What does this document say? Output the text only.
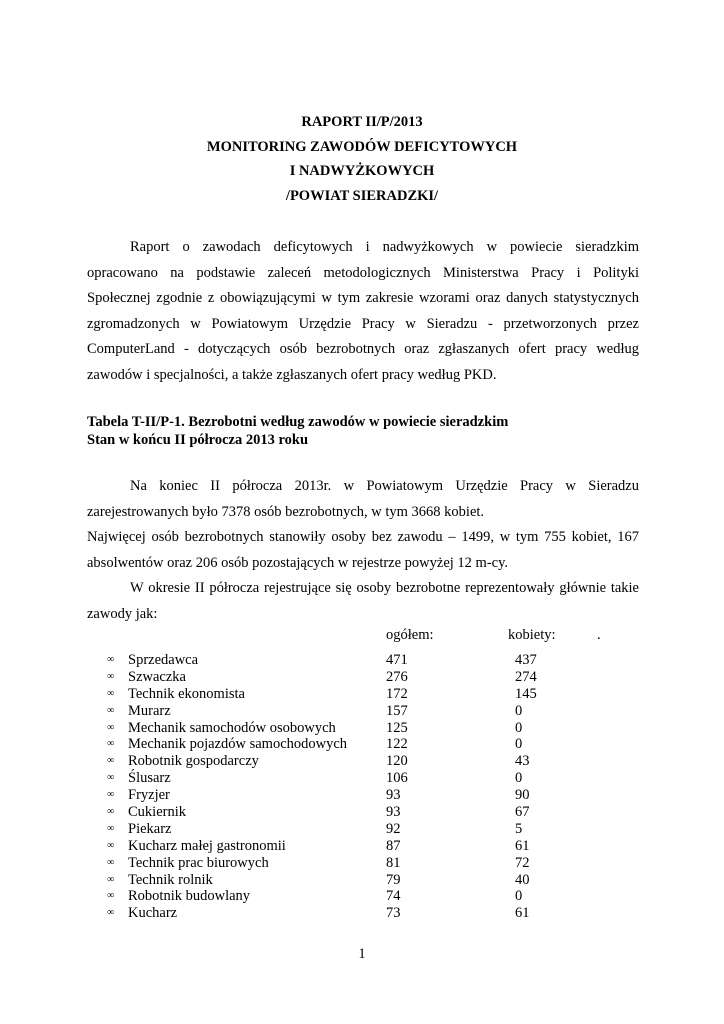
RAPORT II/P/2013
MONITORING ZAWODÓW DEFICYTOWYCH
I NADWYŻKOWYCH
/POWIAT SIERADZKI/
Raport o zawodach deficytowych i nadwyżkowych w powiecie sieradzkim
opracowano na podstawie zaleceń metodologicznych Ministerstwa Pracy i Polityki
Społecznej zgodnie z obowiązującymi w tym zakresie wzorami oraz danych statystycznych
zgromadzonych w Powiatowym Urzędzie Pracy w Sieradzu - przetworzonych przez
ComputerLand - dotyczących osób bezrobotnych oraz zgłaszanych ofert pracy według
zawodów i specjalności, a także zgłaszanych ofert pracy według PKD.
Tabela T-II/P-1. Bezrobotni według zawodów w powiecie sieradzkim
Stan w końcu II półrocza 2013 roku
Na koniec II półrocza 2013r. w Powiatowym Urzędzie Pracy w Sieradzu
zarejestrowanych było 7378 osób bezrobotnych, w tym 3668 kobiet.
Najwięcej osób bezrobotnych stanowiły osoby bez zawodu – 1499, w tym 755 kobiet, 167
absolwentów oraz 206 osób pozostających w rejestrze powyżej 12 m-cy.
W okresie II półrocza rejestrujące się osoby bezrobotne reprezentowały głównie takie
zawody jak:
ogółem:	kobiety:	.
∞ Sprzedawca	471	437
∞ Szwaczka	276	274
∞ Technik ekonomista	172	145
∞ Murarz	157	0
∞ Mechanik samochodów osobowych	125	0
∞ Mechanik pojazdów samochodowych	122	0
∞ Robotnik gospodarczy	120	43
∞ Ślusarz	106	0
∞ Fryzjer	93	90
∞ Cukiernik	93	67
∞ Piekarz	92	5
∞ Kucharz małej gastronomii	87	61
∞ Technik prac biurowych	81	72
∞ Technik rolnik	79	40
∞ Robotnik budowlany	74	0
∞ Kucharz	73	61
1
